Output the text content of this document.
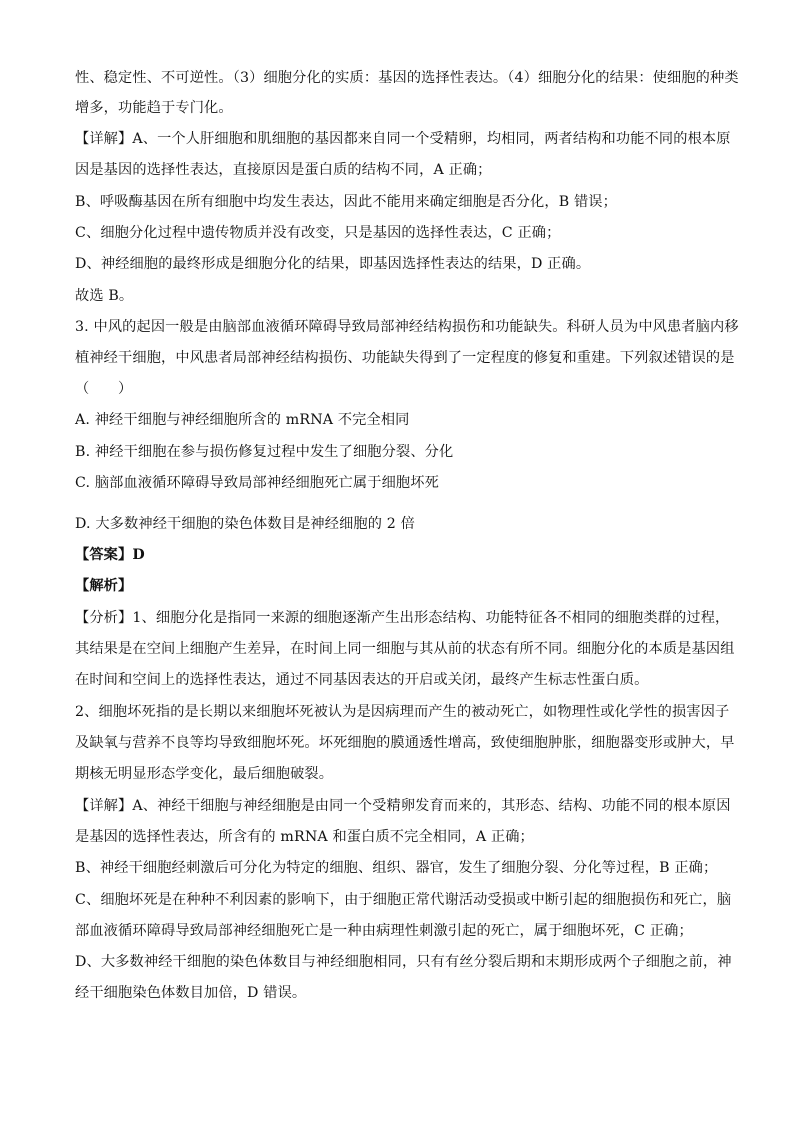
性、稳定性、不可逆性。（3）细胞分化的实质：基因的选择性表达。（4）细胞分化的结果：使细胞的种类
增多，功能趋于专门化。
【详解】A、一个人肝细胞和肌细胞的基因都来自同一个受精卵，均相同，两者结构和功能不同的根本原
因是基因的选择性表达，直接原因是蛋白质的结构不同，A 正确；
B、呼吸酶基因在所有细胞中均发生表达，因此不能用来确定细胞是否分化，B 错误；
C、细胞分化过程中遗传物质并没有改变，只是基因的选择性表达，C 正确；
D、神经细胞的最终形成是细胞分化的结果，即基因选择性表达的结果，D 正确。
故选 B。
3. 中风的起因一般是由脑部血液循环障碍导致局部神经结构损伤和功能缺失。科研人员为中风患者脑内移
植神经干细胞，中风患者局部神经结构损伤、功能缺失得到了一定程度的修复和重建。下列叙述错误的是
（　　）
A. 神经干细胞与神经细胞所含的 mRNA 不完全相同
B. 神经干细胞在参与损伤修复过程中发生了细胞分裂、分化
C. 脑部血液循环障碍导致局部神经细胞死亡属于细胞坏死
D. 大多数神经干细胞的染色体数目是神经细胞的 2 倍
【答案】D
【解析】
【分析】1、细胞分化是指同一来源的细胞逐渐产生出形态结构、功能特征各不相同的细胞类群的过程，
其结果是在空间上细胞产生差异，在时间上同一细胞与其从前的状态有所不同。细胞分化的本质是基因组
在时间和空间上的选择性表达，通过不同基因表达的开启或关闭，最终产生标志性蛋白质。
2、细胞坏死指的是长期以来细胞坏死被认为是因病理而产生的被动死亡，如物理性或化学性的损害因子
及缺氧与营养不良等均导致细胞坏死。坏死细胞的膜通透性增高，致使细胞肿胀，细胞器变形或肿大，早
期核无明显形态学变化，最后细胞破裂。
【详解】A、神经干细胞与神经细胞是由同一个受精卵发育而来的，其形态、结构、功能不同的根本原因
是基因的选择性表达，所含有的 mRNA 和蛋白质不完全相同，A 正确；
B、神经干细胞经刺激后可分化为特定的细胞、组织、器官，发生了细胞分裂、分化等过程，B 正确；
C、细胞坏死是在种种不利因素的影响下，由于细胞正常代谢活动受损或中断引起的细胞损伤和死亡，脑
部血液循环障碍导致局部神经细胞死亡是一种由病理性刺激引起的死亡，属于细胞坏死，C 正确；
D、大多数神经干细胞的染色体数目与神经细胞相同，只有有丝分裂后期和末期形成两个子细胞之前，神
经干细胞染色体数目加倍，D 错误。
